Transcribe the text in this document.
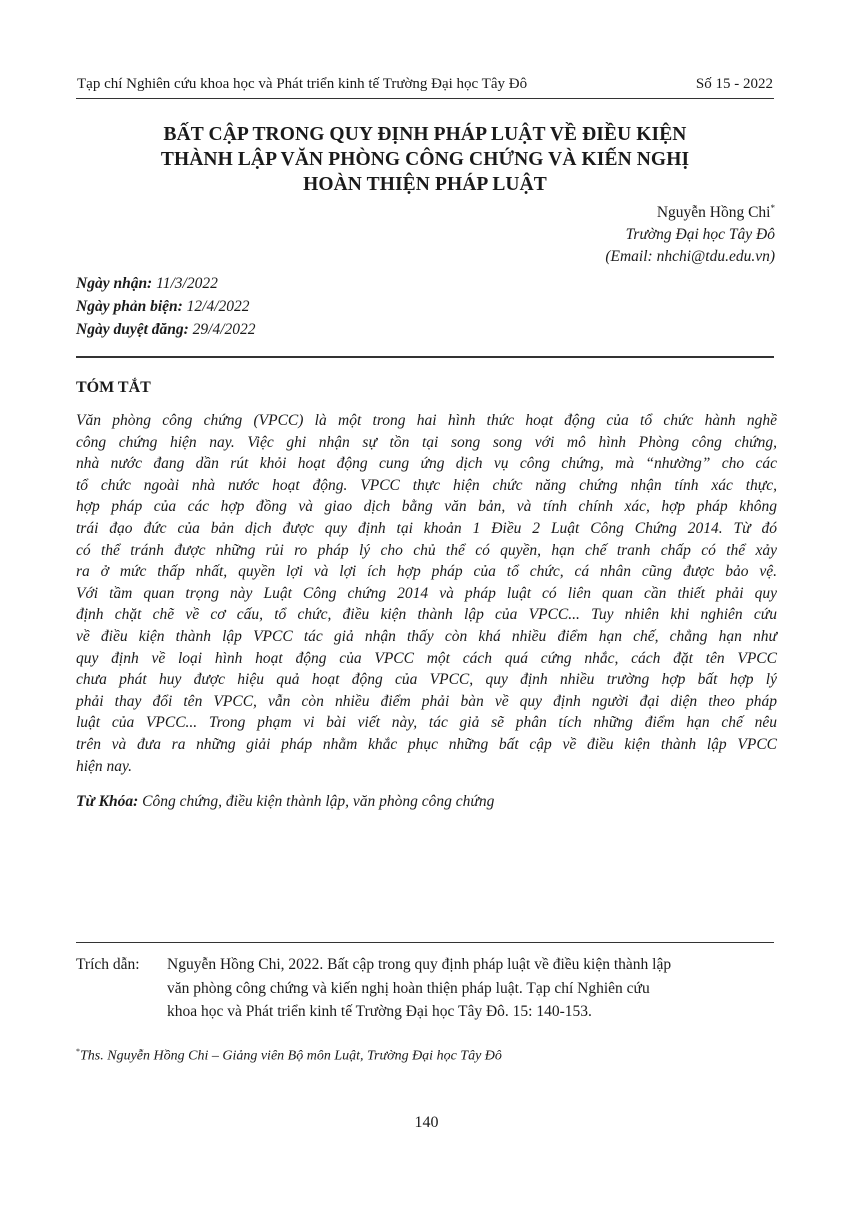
Tạp chí Nghiên cứu khoa học và Phát triển kinh tế Trường Đại học Tây Đô	Số 15 - 2022
BẤT CẬP TRONG QUY ĐỊNH PHÁP LUẬT VỀ ĐIỀU KIỆN
THÀNH LẬP VĂN PHÒNG CÔNG CHỨNG VÀ KIẾN NGHỊ
HOÀN THIỆN PHÁP LUẬT
Nguyễn Hồng Chi*
Trường Đại học Tây Đô
(Email: nhchi@tdu.edu.vn)
Ngày nhận: 11/3/2022
Ngày phản biện: 12/4/2022
Ngày duyệt đăng: 29/4/2022
TÓM TẮT
Văn phòng công chứng (VPCC) là một trong hai hình thức hoạt động của tổ chức hành nghề
công chứng hiện nay. Việc ghi nhận sự tồn tại song song với mô hình Phòng công chứng,
nhà nước đang dần rút khỏi hoạt động cung ứng dịch vụ công chứng, mà “nhường” cho các
tổ chức ngoài nhà nước hoạt động. VPCC thực hiện chức năng chứng nhận tính xác thực,
hợp pháp của các hợp đồng và giao dịch bằng văn bản, và tính chính xác, hợp pháp không
trái đạo đức của bản dịch được quy định tại khoản 1 Điều 2 Luật Công Chứng 2014. Từ đó
có thể tránh được những rủi ro pháp lý cho chủ thể có quyền, hạn chế tranh chấp có thể xảy
ra ở mức thấp nhất, quyền lợi và lợi ích hợp pháp của tổ chức, cá nhân cũng được bảo vệ.
Với tầm quan trọng này Luật Công chứng 2014 và pháp luật có liên quan cần thiết phải quy
định chặt chẽ về cơ cấu, tổ chức, điều kiện thành lập của VPCC... Tuy nhiên khi nghiên cứu
về điều kiện thành lập VPCC tác giả nhận thấy còn khá nhiều điểm hạn chế, chẳng hạn như
quy định về loại hình hoạt động của VPCC một cách quá cứng nhắc, cách đặt tên VPCC
chưa phát huy được hiệu quả hoạt động của VPCC, quy định nhiều trường hợp bất hợp lý
phải thay đổi tên VPCC, vẫn còn nhiều điểm phải bàn về quy định người đại diện theo pháp
luật của VPCC... Trong phạm vi bài viết này, tác giả sẽ phân tích những điểm hạn chế nêu
trên và đưa ra những giải pháp nhằm khắc phục những bất cập về điều kiện thành lập VPCC
hiện nay.
Từ Khóa: Công chứng, điều kiện thành lập, văn phòng công chứng
Trích dẫn: Nguyễn Hồng Chi, 2022. Bất cập trong quy định pháp luật về điều kiện thành lập
văn phòng công chứng và kiến nghị hoàn thiện pháp luật. Tạp chí Nghiên cứu
khoa học và Phát triển kinh tế Trường Đại học Tây Đô. 15: 140-153.
*Ths. Nguyễn Hồng Chi – Giảng viên Bộ môn Luật, Trường Đại học Tây Đô
140
